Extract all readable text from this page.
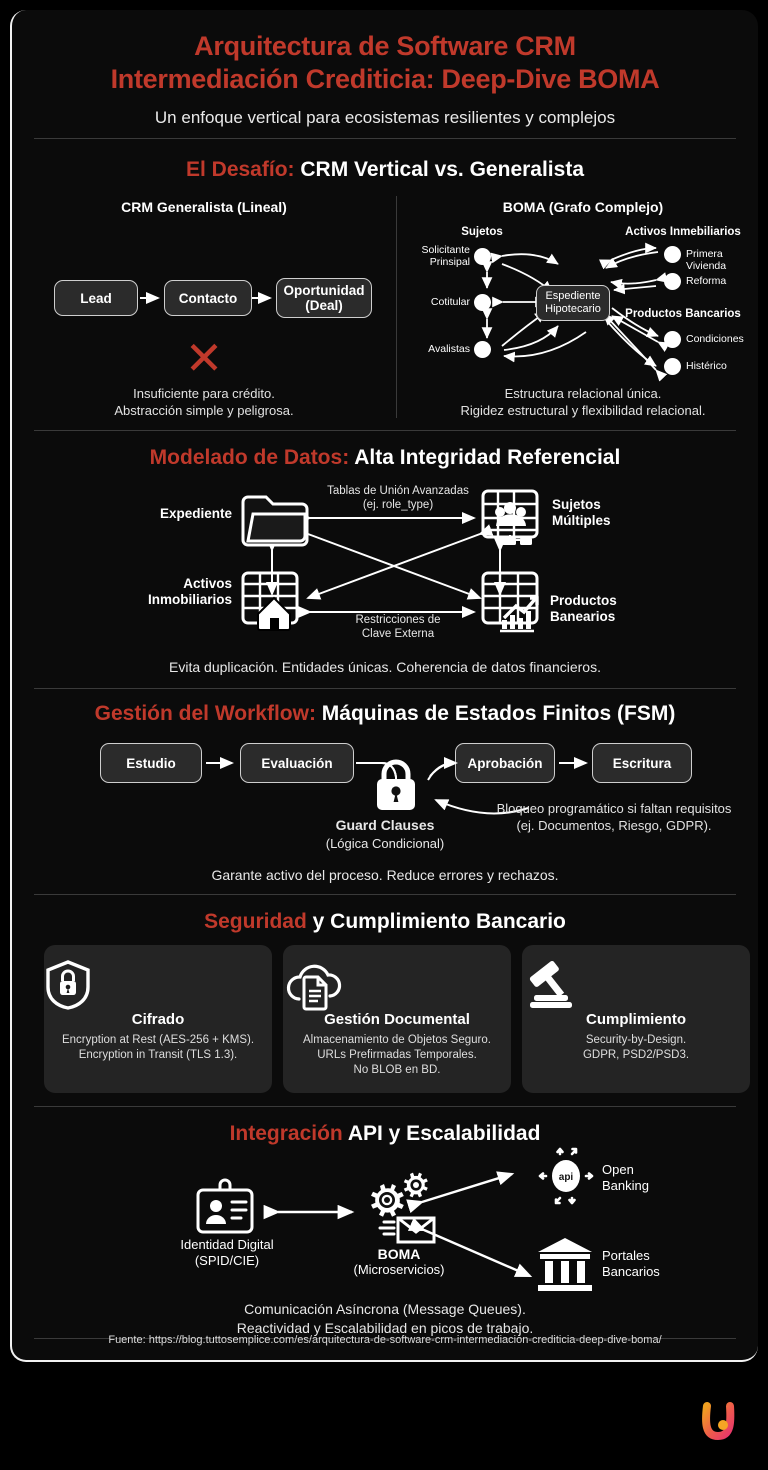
Arquitectura de Software CRM
Intermediación Crediticia: Deep-Dive BOMA
Un enfoque vertical para ecosistemas resilientes y complejos
El Desafío: CRM Vertical vs. Generalista
CRM Generalista (Lineal)
Lead	Contacto	Oportunidad
(Deal)
✕
Insuficiente para crédito.
Abstracción simple y peligrosa.
BOMA (Grafo Complejo)
Sujetos	Activos Inmebiliarios
Productos Bancarios
Solicitante
Prinsipal
Cotitular
Avalistas
Primera Vivienda
Reforma
Condiciones
Histérico
Espediente
Hipotecario
Estructura relacional única.
Rigidez estructural y flexibilidad relacional.
Modelado de Datos: Alta Integridad Referencial
Expediente
Sujetos
Múltiples
Activos
Inmobiliarios	Productos
Banearios
Tablas de Unión Avanzadas
(ej. role_type)
Restricciones de
Clave Externa
Evita duplicación. Entidades únicas. Coherencia de datos financieros.
Gestión del Workflow: Máquinas de Estados Finitos (FSM)
Estudio	Evaluación	Aprobación	Escritura
Guard Clauses
(Lógica Condicional)
Bloqueo programático si faltan requisitos
(ej. Documentos, Riesgo, GDPR).
Garante activo del proceso. Reduce errores y rechazos.
Seguridad y Cumplimiento Bancario
Cifrado
Encryption at Rest (AES-256 + KMS).
Encryption in Transit (TLS 1.3).
Gestión Documental
Almacenamiento de Objetos Seguro.
URLs Prefirmadas Temporales.
No BLOB en BD.
Cumplimiento
Security-by-Design.
GDPR, PSD2/PSD3.
Integración API y Escalabilidad
api
Identidad Digital
(SPID/CIE)	BOMA
(Microservicios)
Open
Banking
Portales
Bancarios
Comunicación Asíncrona (Message Queues).
Reactividad y Escalabilidad en picos de trabajo.
Fuente: https://blog.tuttosemplice.com/es/arquitectura-de-software-crm-intermediacion-crediticia-deep-dive-boma/
